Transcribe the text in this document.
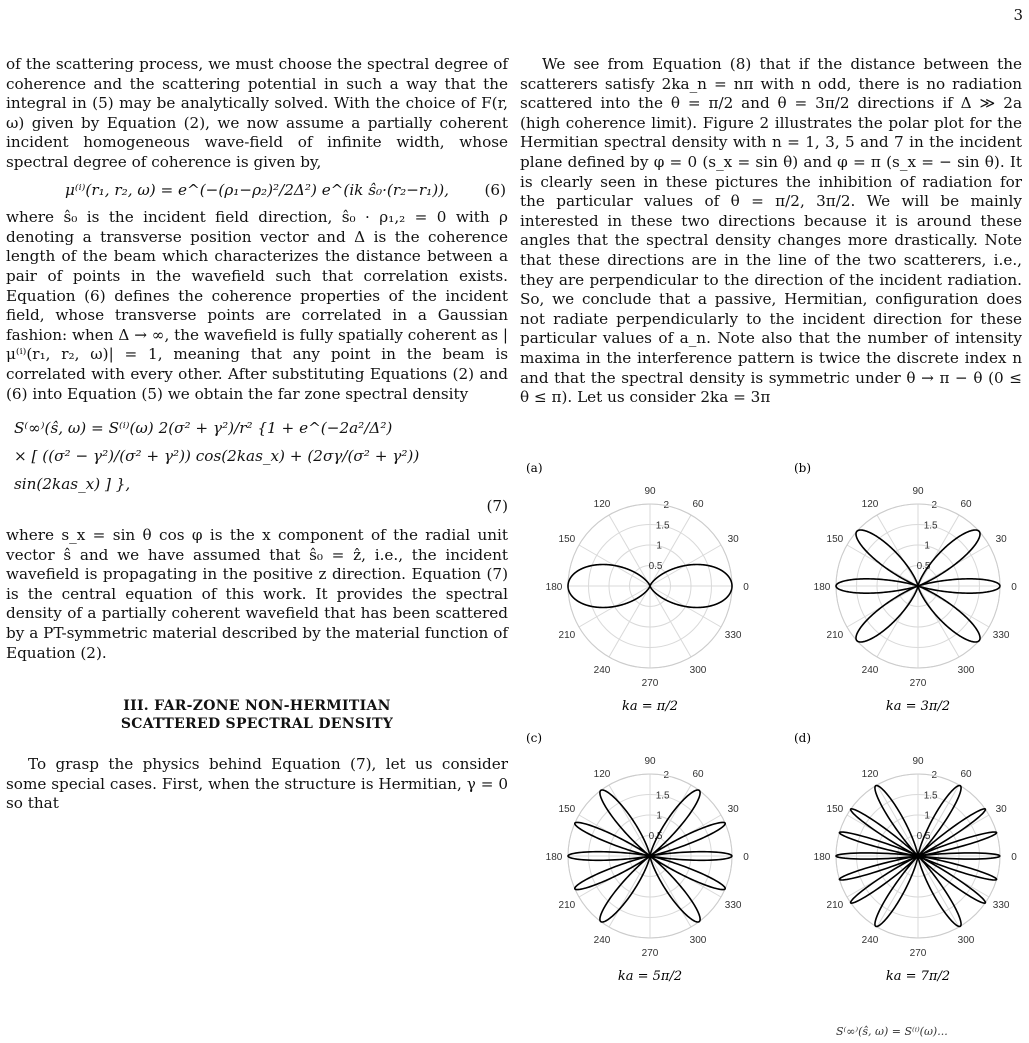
3

of the scattering process, we must choose the spectral degree of coherence and the scattering potential in such a way that the integral in (5) may be analytically solved. With the choice of F(r, ω) given by Equation (2), we now assume a partially coherent incident homogeneous wave-field of infinite width, whose spectral degree of coherence is given by,

μ⁽ⁱ⁾(r₁, r₂, ω) = e^(−(ρ₁−ρ₂)²/2Δ²) e^(ik ŝ₀·(r₂−r₁)), (6)

where ŝ₀ is the incident field direction, ŝ₀ · ρ₁,₂ = 0 with ρ denoting a transverse position vector and Δ is the coherence length of the beam which characterizes the distance between a pair of points in the wavefield such that correlation exists. Equation (6) defines the coherence properties of the incident field, whose transverse points are correlated in a Gaussian fashion: when Δ → ∞, the wavefield is fully spatially coherent as |μ⁽ⁱ⁾(r₁, r₂, ω)| = 1, meaning that any point in the beam is correlated with every other. After substituting Equations (2) and (6) into Equation (5) we obtain the far zone spectral density

S⁽∞⁾(ŝ, ω) = S⁽ⁱ⁾(ω) 2(σ² + γ²)/r² {1 + e^(−2a²/Δ²)
× [ ((σ² − γ²)/(σ² + γ²)) cos(2kas_x) + (2σγ/(σ² + γ²)) sin(2kas_x) ] },
(7)

where s_x = sin θ cos φ is the x component of the radial unit vector ŝ and we have assumed that ŝ₀ = ẑ, i.e., the incident wavefield is propagating in the positive z direction. Equation (7) is the central equation of this work. It provides the spectral density of a partially coherent wavefield that has been scattered by a PT-symmetric material described by the material function of Equation (2).

III. FAR-ZONE NON-HERMITIAN
SCATTERED SPECTRAL DENSITY

To grasp the physics behind Equation (7), let us consider some special cases. First, when the structure is Hermitian, γ = 0 so that

We see from Equation (8) that if the distance between the scatterers satisfy 2ka_n = nπ with n odd, there is no radiation scattered into the θ = π/2 and θ = 3π/2 directions if Δ ≫ 2a (high coherence limit). Figure 2 illustrates the polar plot for the Hermitian spectral density with n = 1, 3, 5 and 7 in the incident plane defined by φ = 0 (s_x = sin θ) and φ = π (s_x = − sin θ). It is clearly seen in these pictures the inhibition of radiation for the particular values of θ = π/2, 3π/2. We will be mainly interested in these two directions because it is around these angles that the spectral density changes more drastically. Note that these directions are in the line of the two scatterers, i.e., they are perpendicular to the direction of the incident radiation. So, we conclude that a passive, Hermitian, configuration does not radiate perpendicularly to the incident direction for these particular values of a_n. Note also that the number of intensity maxima in the interference pattern is twice the discrete index n and that the spectral density is symmetric under θ → π − θ (0 ≤ θ ≤ π). Let us consider 2ka = 3π

0
30
60
90
120
150
180
210
240
270
300
330
0.5
1
1.5
2
(a)
ka = π/2
0
30
60
90
120
150
180
210
240
270
300
330
0.5
1
1.5
2
(b)
ka = 3π/2
0
30
60
90
120
150
180
210
240
270
300
330
0.5
1
1.5
2
(c)
ka = 5π/2
0
30
60
90
120
150
180
210
240
270
300
330
0.5
1
1.5
2
(d)
ka = 7π/2
S⁽∞⁾(ŝ, ω) = S⁽ⁱ⁾(ω)...
